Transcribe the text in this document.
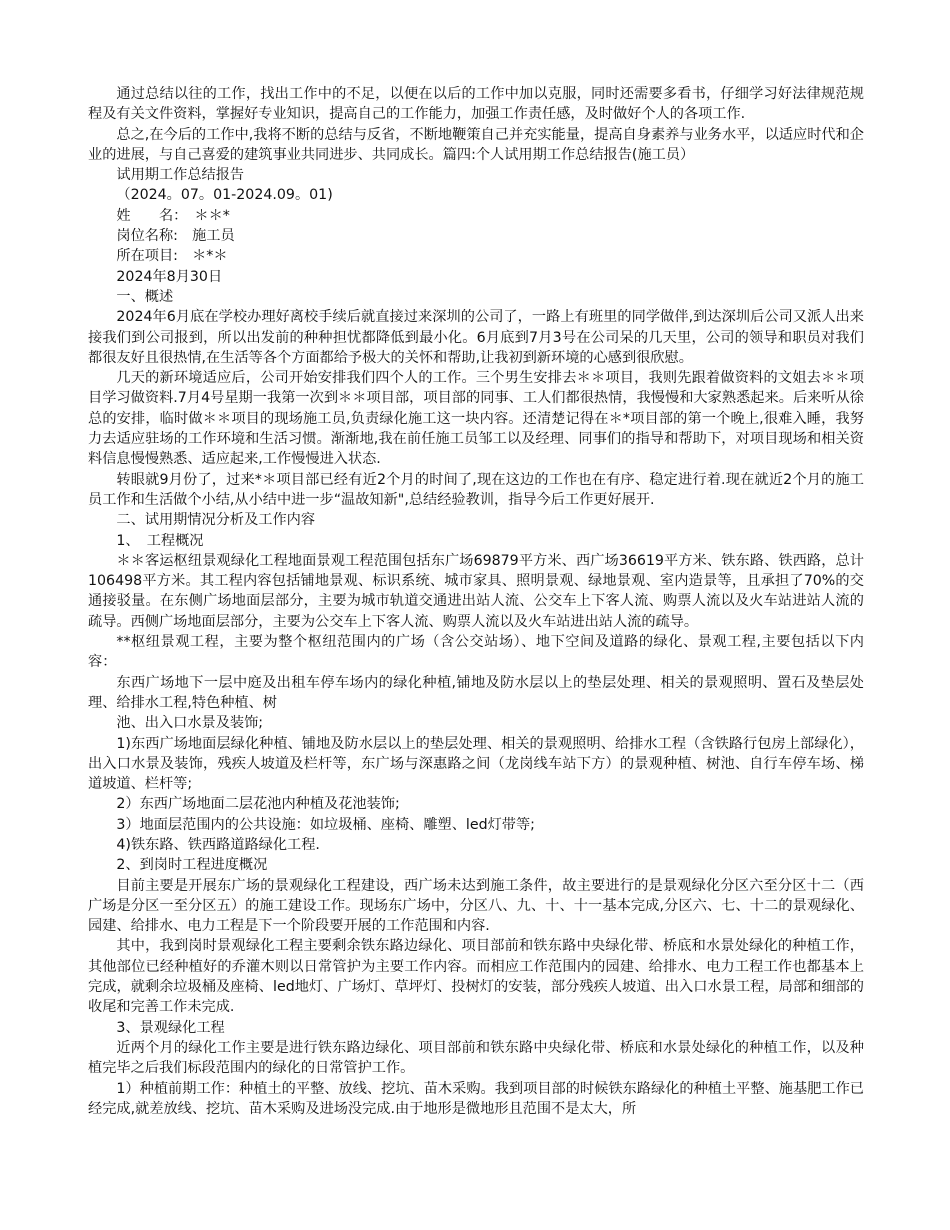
通过总结以往的工作，找出工作中的不足，以便在以后的工作中加以克服，同时还需要多看书，仔细学习好法律规范规程及有关文件资料，掌握好专业知识，提高自己的工作能力，加强工作责任感，及时做好个人的各项工作.

总之,在今后的工作中,我将不断的总结与反省，不断地鞭策自己并充实能量，提高自身素养与业务水平，以适应时代和企业的进展，与自己喜爱的建筑事业共同进步、共同成长。篇四:个人试用期工作总结报告(施工员）

试用期工作总结报告

（2024。07。01-2024.09。01)

姓　　名：　＊＊*

岗位名称:　施工员

所在项目:　＊*＊

2024年8月30日

一、概述

2024年6月底在学校办理好离校手续后就直接过来深圳的公司了，一路上有班里的同学做伴,到达深圳后公司又派人出来接我们到公司报到，所以出发前的种种担忧都降低到最小化。6月底到7月3号在公司呆的几天里，公司的领导和职员对我们都很友好且很热情,在生活等各个方面都给予极大的关怀和帮助,让我初到新环境的心感到很欣慰。

几天的新环境适应后，公司开始安排我们四个人的工作。三个男生安排去＊＊项目，我则先跟着做资料的文姐去＊＊项目学习做资料.7月4号星期一我第一次到＊＊项目部，项目部的同事、工人们都很热情，我慢慢和大家熟悉起来。后来听从徐总的安排，临时做＊＊项目的现场施工员,负责绿化施工这一块内容。还清楚记得在＊*项目部的第一个晚上,很难入睡，我努力去适应驻场的工作环境和生活习惯。渐渐地,我在前任施工员邹工以及经理、同事们的指导和帮助下，对项目现场和相关资料信息慢慢熟悉、适应起来,工作慢慢进入状态.

转眼就9月份了，过来*＊项目部已经有近2个月的时间了,现在这边的工作也在有序、稳定进行着.现在就近2个月的施工员工作和生活做个小结,从小结中进一步“温故知新",总结经验教训，指导今后工作更好展开.

二、试用期情况分析及工作内容

1、　工程概况

＊＊客运枢纽景观绿化工程地面景观工程范围包括东广场69879平方米、西广场36619平方米、铁东路、铁西路，总计106498平方米。其工程内容包括铺地景观、标识系统、城市家具、照明景观、绿地景观、室内造景等，且承担了70%的交通接驳量。在东侧广场地面层部分，主要为城市轨道交通进出站人流、公交车上下客人流、购票人流以及火车站进站人流的疏导。西侧广场地面层部分，主要为公交车上下客人流、购票人流以及火车站进出站人流的疏导。

**枢纽景观工程，主要为整个枢纽范围内的广场（含公交站场）、地下空间及道路的绿化、景观工程,主要包括以下内容：

东西广场地下一层中庭及出租车停车场内的绿化种植,铺地及防水层以上的垫层处理、相关的景观照明、置石及垫层处理、给排水工程,特色种植、树

池、出入口水景及装饰;

1)东西广场地面层绿化种植、铺地及防水层以上的垫层处理、相关的景观照明、给排水工程（含铁路行包房上部绿化），出入口水景及装饰，残疾人坡道及栏杆等，东广场与深惠路之间（龙岗线车站下方）的景观种植、树池、自行车停车场、梯道坡道、栏杆等;

2）东西广场地面二层花池内种植及花池装饰;

3）地面层范围内的公共设施：如垃圾桶、座椅、雕塑、led灯带等;

4)铁东路、铁西路道路绿化工程.

2、到岗时工程进度概况

目前主要是开展东广场的景观绿化工程建设，西广场未达到施工条件，故主要进行的是景观绿化分区六至分区十二（西广场是分区一至分区五）的施工建设工作。现场东广场中，分区八、九、十、十一基本完成,分区六、七、十二的景观绿化、园建、给排水、电力工程是下一个阶段要开展的工作范围和内容.

其中，我到岗时景观绿化工程主要剩余铁东路边绿化、项目部前和铁东路中央绿化带、桥底和水景处绿化的种植工作，其他部位已经种植好的乔灌木则以日常管护为主要工作内容。而相应工作范围内的园建、给排水、电力工程工作也都基本上完成，就剩余垃圾桶及座椅、led地灯、广场灯、草坪灯、投树灯的安装，部分残疾人坡道、出入口水景工程，局部和细部的收尾和完善工作未完成.

3、景观绿化工程

近两个月的绿化工作主要是进行铁东路边绿化、项目部前和铁东路中央绿化带、桥底和水景处绿化的种植工作，以及种植完毕之后我们标段范围内的绿化的日常管护工作。

1）种植前期工作：种植土的平整、放线、挖坑、苗木采购。我到项目部的时候铁东路绿化的种植土平整、施基肥工作已经完成,就差放线、挖坑、苗木采购及进场没完成.由于地形是微地形且范围不是太大，所
